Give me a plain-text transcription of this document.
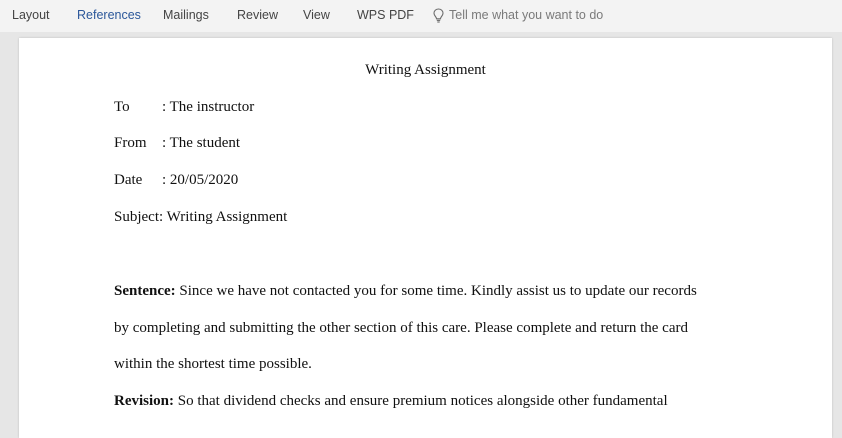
Layout References Mailings Review View WPS PDF	Tell me what you want to do
Writing Assignment
To : The instructor
From : The student
Date : 20/05/2020
Subject: Writing Assignment
Sentence: Since we have not contacted you for some time. Kindly assist us to update our records
by completing and submitting the other section of this care. Please complete and return the card
within the shortest time possible.
Revision: So that dividend checks and ensure premium notices alongside other fundamental
